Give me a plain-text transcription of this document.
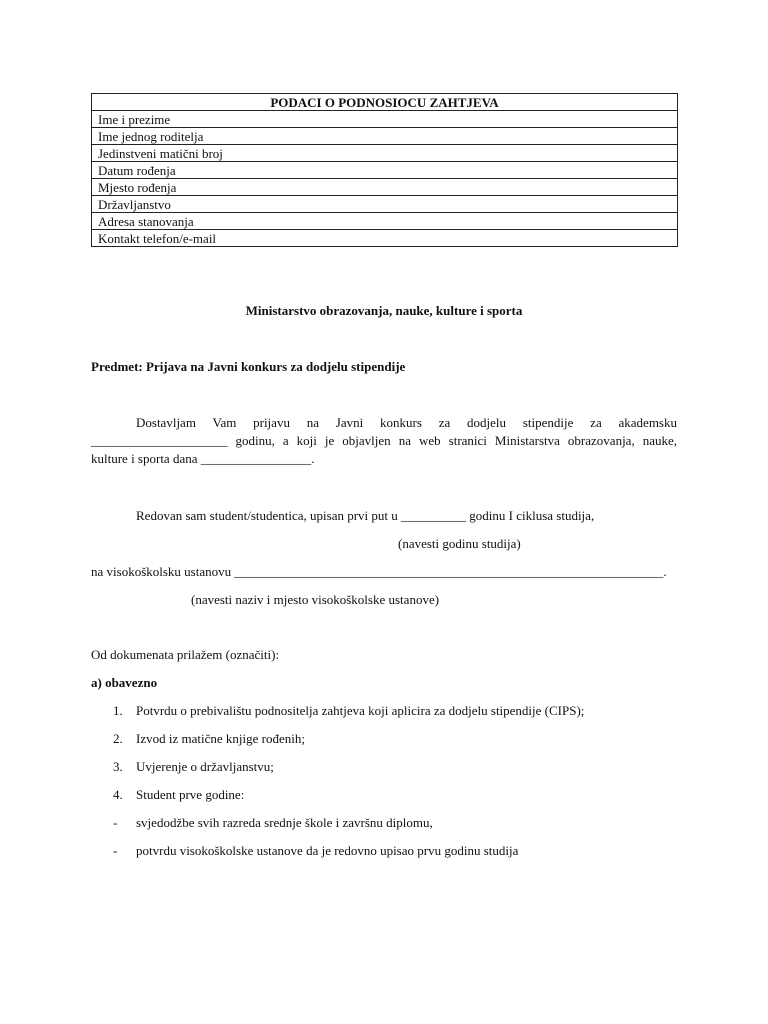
PODACI O PODNOSIOCU ZAHTJEVA
Ime i prezime
Ime jednog roditelja
Jedinstveni matični broj
Datum rođenja
Mjesto rođenja
Državljanstvo
Adresa stanovanja
Kontakt telefon/e-mail
Ministarstvo obrazovanja, nauke, kulture i sporta
Predmet: Prijava na Javni konkurs za dodjelu stipendije
Dostavljam Vam prijavu na Javni konkurs za dodjelu stipendije za akademsku
_____________________ godinu, a koji je objavljen na web stranici Ministarstva obrazovanja, nauke,
kulture i sporta dana _________________.
Redovan sam student/studentica, upisan prvi put u __________ godinu I ciklusa studija,
(navesti godinu studija)
na visokoškolsku ustanovu __________________________________________________________________.
(navesti naziv i mjesto visokoškolske ustanove)
Od dokumenata prilažem (označiti):
a) obavezno
1.	Potvrdu o prebivalištu podnositelja zahtjeva koji aplicira za dodjelu stipendije (CIPS);
2.	Izvod iz matične knjige rođenih;
3.	Uvjerenje o državljanstvu;
4.	Student prve godine:
-	svjedodžbe svih razreda srednje škole i završnu diplomu,
-	potvrdu visokoškolske ustanove da je redovno upisao prvu godinu studija
